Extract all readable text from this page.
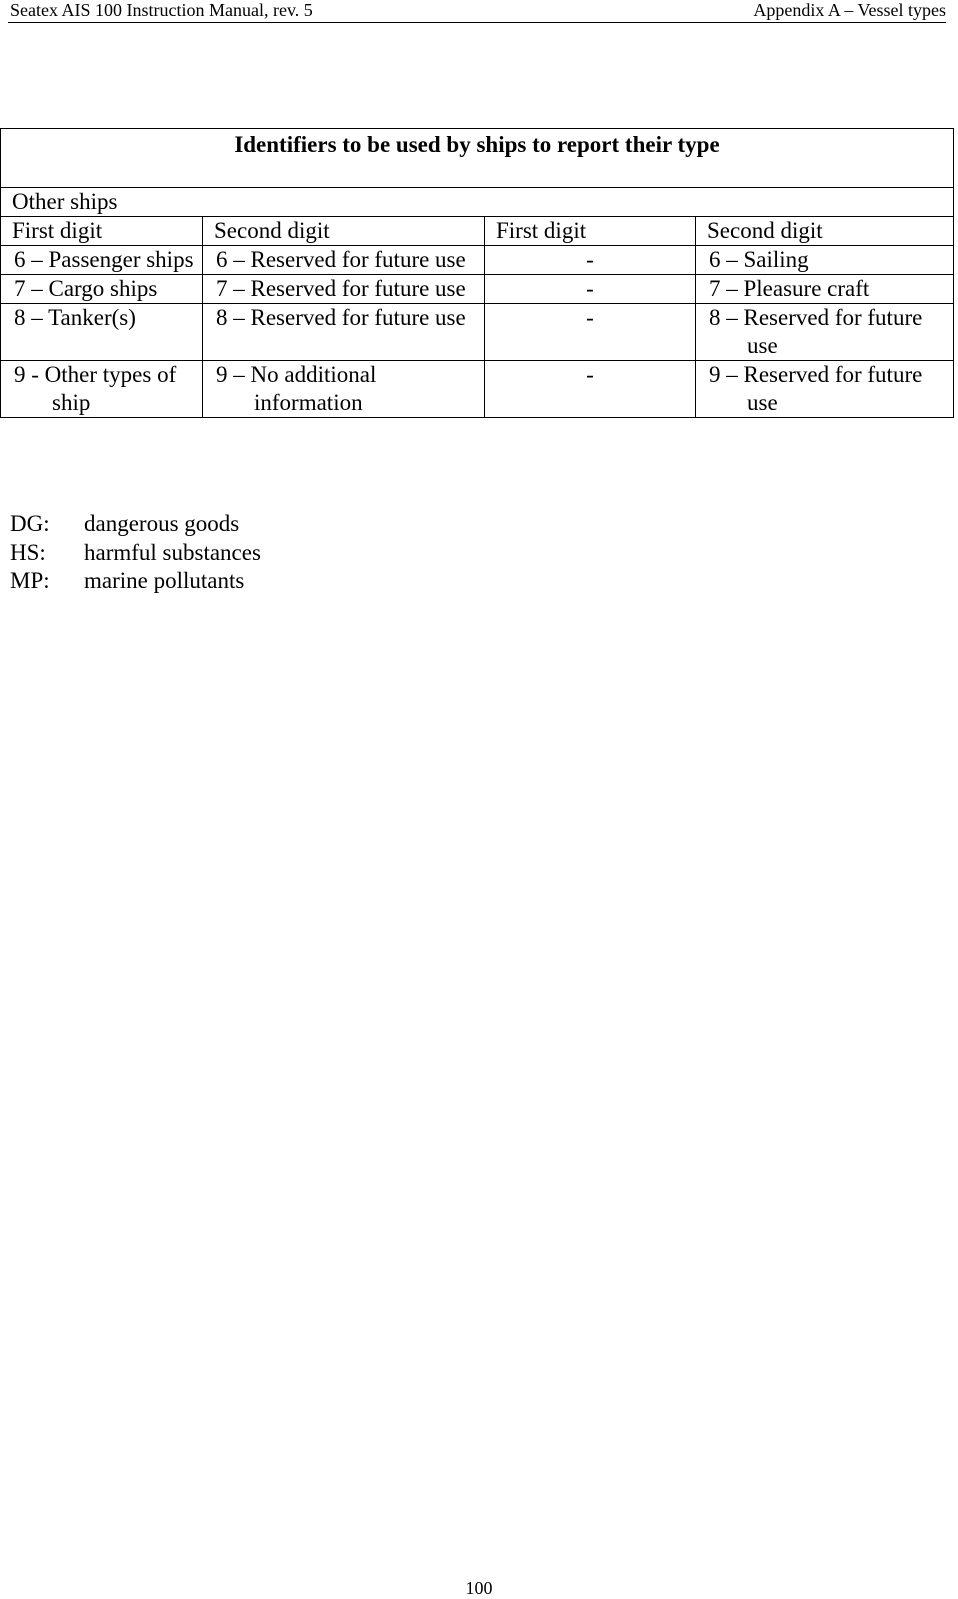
Seatex AIS 100 Instruction Manual, rev. 5	Appendix A – Vessel types
Identifiers to be used by ships to report their type			
Other ships			
First digit	Second digit	First digit	Second digit

6 – Passenger ships	6 – Reserved for future use	-	6 – Sailing

7 – Cargo ships	7 – Reserved for future use	-	7 – Pleasure craft

8 – Tanker(s)	8 – Reserved for future use	-	8 – Reserved for future use

9 - Other types of ship	9 – No additional information	-	9 – Reserved for future use
DG:	dangerous goods
HS:	harmful substances
MP:	marine pollutants
100
